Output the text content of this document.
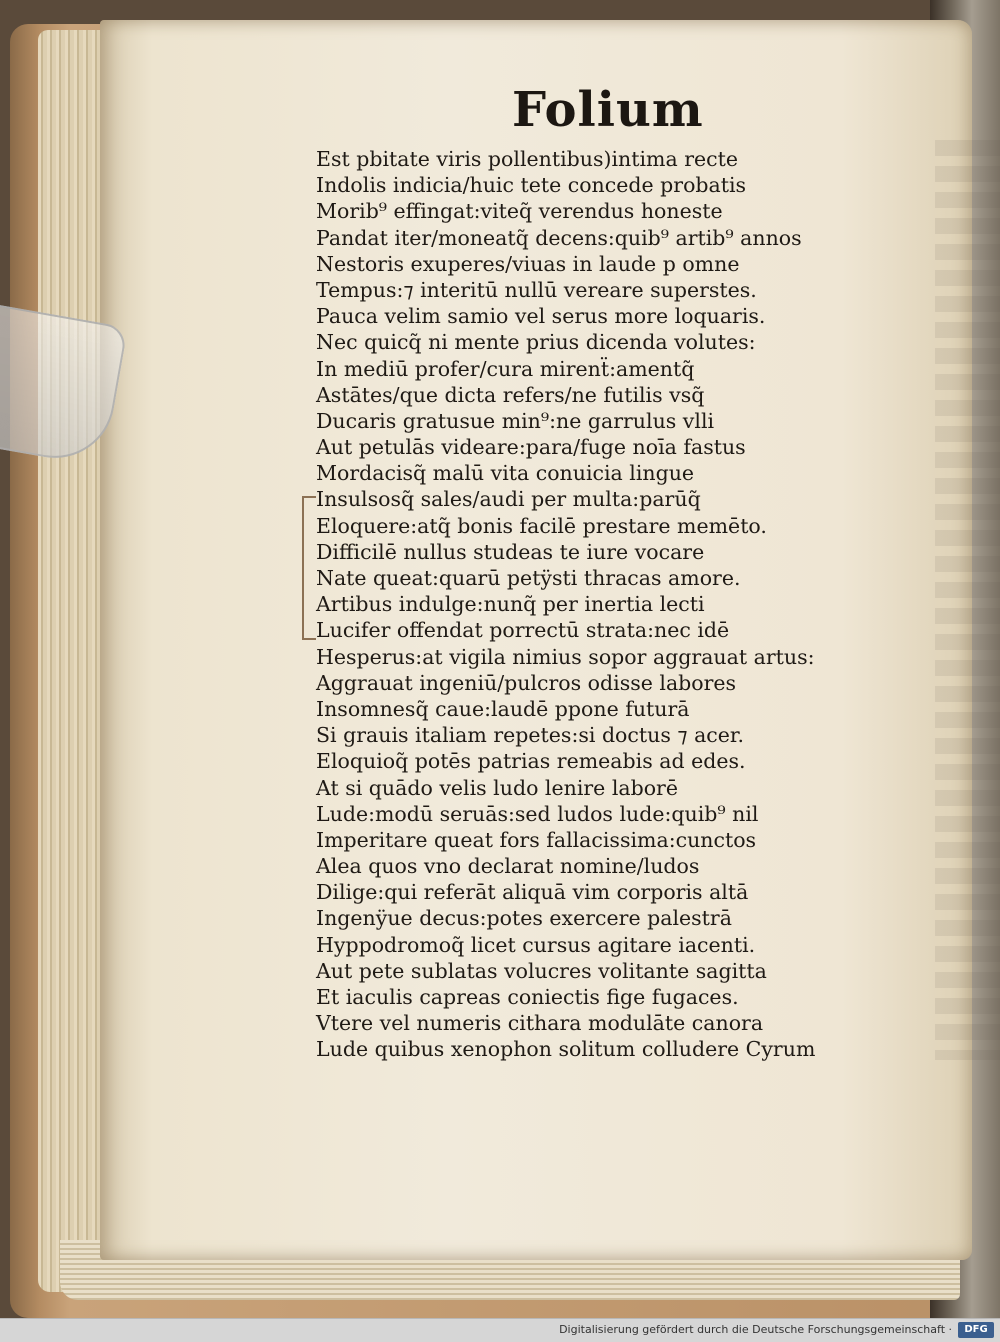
Folium
Est pbitate viris pollentibus)intima recte
Indolis indicia/huic tete concede probatis
Morib⁹ effingat:viteq̃ verendus honeste
Pandat iter/moneatq̃ decens:quib⁹ artib⁹ annos
Nestoris exuperes/viuas in laude p omne
Tempus:⁊ interitū nullū vereare superstes.
Pauca velim samio vel serus more loquaris.
Nec quicq̃ ni mente prius dicenda volutes:
In mediū profer/cura mirenẗ:amentq̃
Astātes/que dicta refers/ne futilis vsq̃
Ducaris gratusue min⁹:ne garrulus vlli
Aut petulās videare:para/fuge noīa fastus
Mordacisq̃ malū vita conuicia lingue
Insulsosq̃ sales/audi per multa:parūq̃
Eloquere:atq̃ bonis facilē prestare memēto.
Difficilē nullus studeas te iure vocare
Nate queat:quarū petÿsti thracas amore.
Artibus indulge:nunq̃ per inertia lecti
Lucifer offendat porrectū strata:nec idē
Hesperus:at vigila nimius sopor aggrauat artus:
Aggrauat ingeniū/pulcros odisse labores
Insomnesq̃ caue:laudē ppone futurā
Si grauis italiam repetes:si doctus ⁊ acer.
Eloquioq̃ potēs patrias remeabis ad edes.
At si quādo velis ludo lenire laborē
Lude:modū seruās:sed ludos lude:quib⁹ nil
Imperitare queat fors fallacissima:cunctos
Alea quos vno declarat nomine/ludos
Dilige:qui referāt aliquā vim corporis altā
Ingenÿue decus:potes exercere palestrā
Hyppodromoq̃ licet cursus agitare iacenti.
Aut pete sublatas volucres volitante sagitta
Et iaculis capreas coniectis fige fugaces.
Vtere vel numeris cithara modulāte canora
Lude quibus xenophon solitum colludere Cyrum
Digitalisierung gefördert durch die Deutsche Forschungsgemeinschaft ·	DFG
